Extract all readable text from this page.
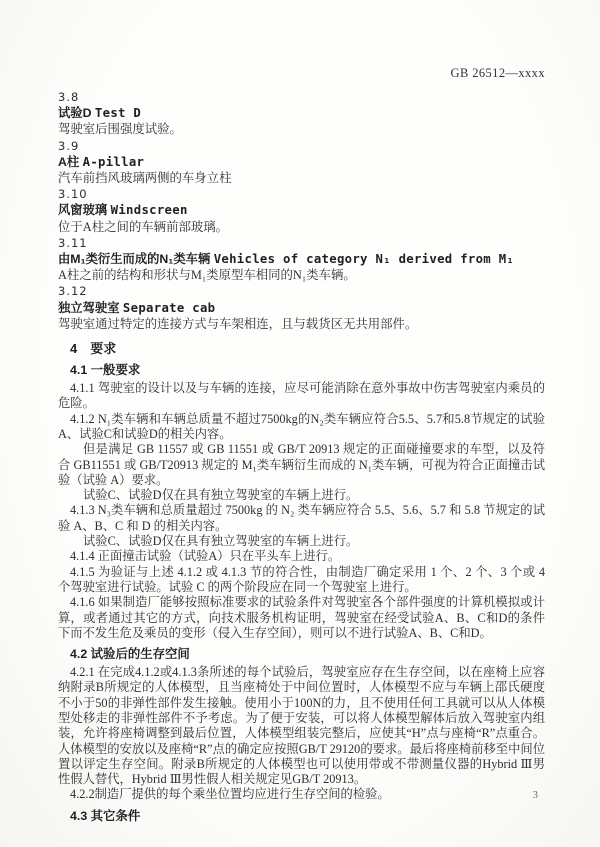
GB 26512—xxxx

3.8

试验D Test D

驾驶室后围强度试验。

3.9

A柱 A-pillar

汽车前挡风玻璃两侧的车身立柱

3.10

风窗玻璃 Windscreen

位于A柱之间的车辆前部玻璃。

3.11

由M₁类衍生而成的N₁类车辆 Vehicles of category N₁ derived from M₁

A柱之前的结构和形状与M₁类原型车相同的N₁类车辆。

3.12

独立驾驶室 Separate cab

驾驶室通过特定的连接方式与车架相连，且与载货区无共用部件。

4　要求

4.1 一般要求

4.1.1 驾驶室的设计以及与车辆的连接，应尽可能消除在意外事故中伤害驾驶室内乘员的危险。

4.1.2 N₁类车辆和车辆总质量不超过7500kg的N₂类车辆应符合5.5、5.7和5.8节规定的试验A、试验C和试验D的相关内容。

但是满足 GB 11557 或 GB 11551 或 GB/T 20913 规定的正面碰撞要求的车型，以及符合 GB11551 或 GB/T20913 规定的 M₁类车辆衍生而成的 N₁类车辆，可视为符合正面撞击试验（试验 A）要求。

试验C、试验D仅在具有独立驾驶室的车辆上进行。

4.1.3 N₃类车辆和总质量超过 7500kg 的 N₂ 类车辆应符合 5.5、5.6、5.7 和 5.8 节规定的试验 A、B、C 和 D 的相关内容。

试验C、试验D仅在具有独立驾驶室的车辆上进行。

4.1.4 正面撞击试验（试验A）只在平头车上进行。

4.1.5 为验证与上述 4.1.2 或 4.1.3 节的符合性，由制造厂确定采用 1 个、2 个、3 个或 4 个驾驶室进行试验。试验 C 的两个阶段应在同一个驾驶室上进行。

4.1.6 如果制造厂能够按照标准要求的试验条件对驾驶室各个部件强度的计算机模拟或计算，或者通过其它的方式，向技术服务机构证明，驾驶室在经受试验A、B、C和D的条件下而不发生危及乘员的变形（侵入生存空间），则可以不进行试验A、B、C和D。

4.2 试验后的生存空间

4.2.1 在完成4.1.2或4.1.3条所述的每个试验后，驾驶室应存在生存空间，以在座椅上应容纳附录B所规定的人体模型，且当座椅处于中间位置时，人体模型不应与车辆上邵氏硬度不小于50的非弹性部件发生接触。使用小于100N的力，且不使用任何工具就可以从人体模型处移走的非弹性部件不予考虑。为了便于安装，可以将人体模型解体后放入驾驶室内组装，允许将座椅调整到最后位置，人体模型组装完整后，应使其“H”点与座椅“R”点重合。人体模型的安放以及座椅“R”点的确定应按照GB/T 29120的要求。最后将座椅前移至中间位置以评定生存空间。附录B所规定的人体模型也可以使用带或不带测量仪器的Hybrid Ⅲ男性假人替代，Hybrid Ⅲ男性假人相关规定见GB/T 20913。

4.2.2制造厂提供的每个乘坐位置均应进行生存空间的检验。

4.3 其它条件

3
